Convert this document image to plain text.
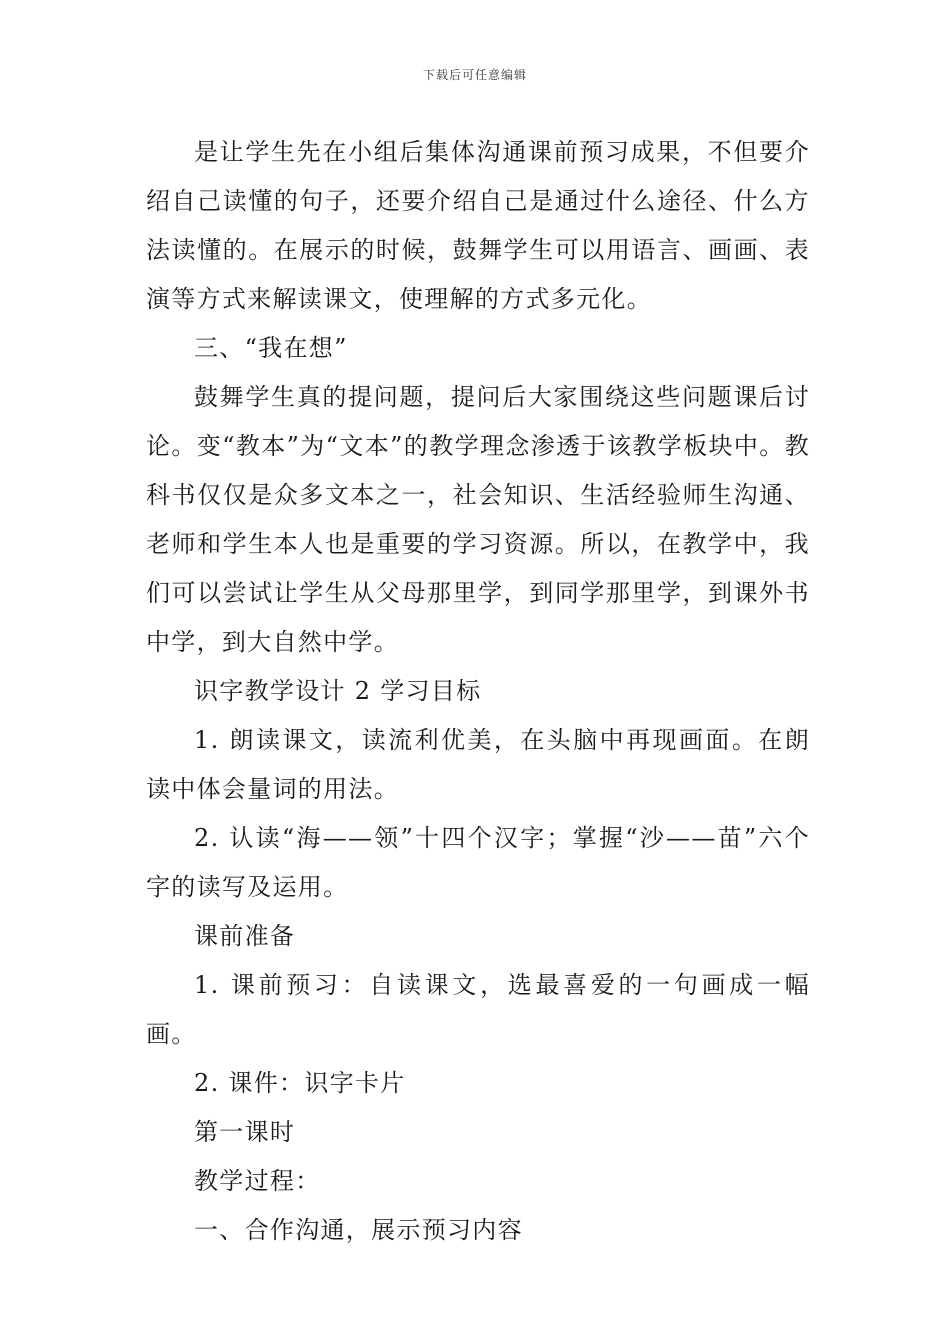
下载后可任意编辑

是让学生先在小组后集体沟通课前预习成果，不但要介绍自己读懂的句子，还要介绍自己是通过什么途径、什么方法读懂的。在展示的时候，鼓舞学生可以用语言、画画、表演等方式来解读课文，使理解的方式多元化。

三、“我在想”

鼓舞学生真的提问题，提问后大家围绕这些问题课后讨论。变“教本”为“文本”的教学理念渗透于该教学板块中。教科书仅仅是众多文本之一，社会知识、生活经验师生沟通、老师和学生本人也是重要的学习资源。所以，在教学中，我们可以尝试让学生从父母那里学，到同学那里学，到课外书中学，到大自然中学。

识字教学设计 2 学习目标

1. 朗读课文，读流利优美，在头脑中再现画面。在朗读中体会量词的用法。

2. 认读“海——领”十四个汉字；掌握“沙——苗”六个字的读写及运用。

课前准备

1. 课前预习：自读课文，选最喜爱的一句画成一幅画。

2. 课件：识字卡片

第一课时

教学过程：

一、合作沟通，展示预习内容
